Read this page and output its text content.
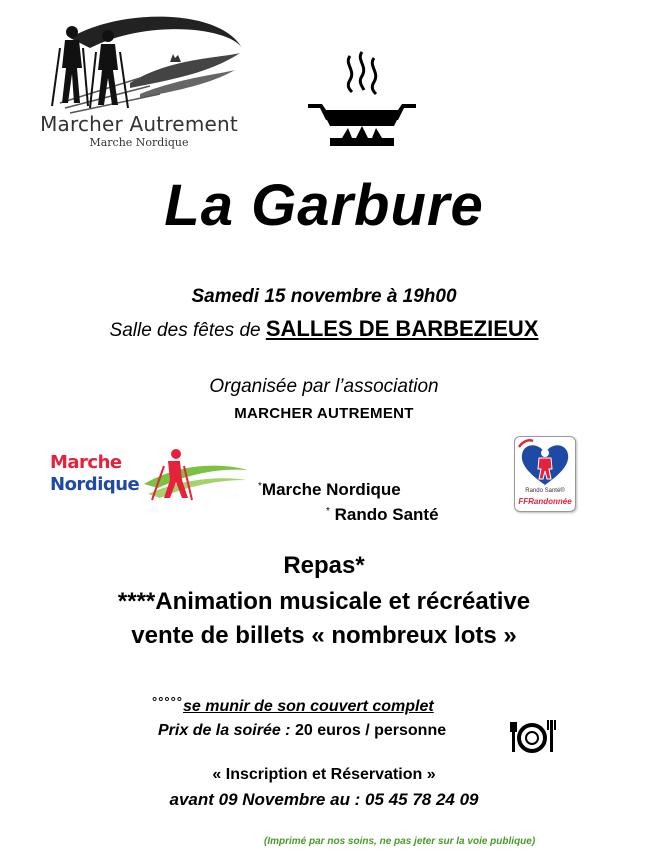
Marcher Autrement
Marche Nordique
La Garbure
Samedi 15 novembre à 19h00
Salle des fêtes de SALLES DE BARBEZIEUX
Organisée par l’association
MARCHER AUTREMENT
Marche
Nordique	*Marche Nordique
* Rando Santé
Rando Santé®
FFRandonnée
Repas*
****Animation musicale et récréative
vente de billets « nombreux lots »
°°°°°se munir de son couvert complet
Prix de la soirée : 20 euros / personne
« Inscription et Réservation »
avant 09 Novembre au : 05 45 78 24 09
(Imprimé par nos soins, ne pas jeter sur la voie publique)
